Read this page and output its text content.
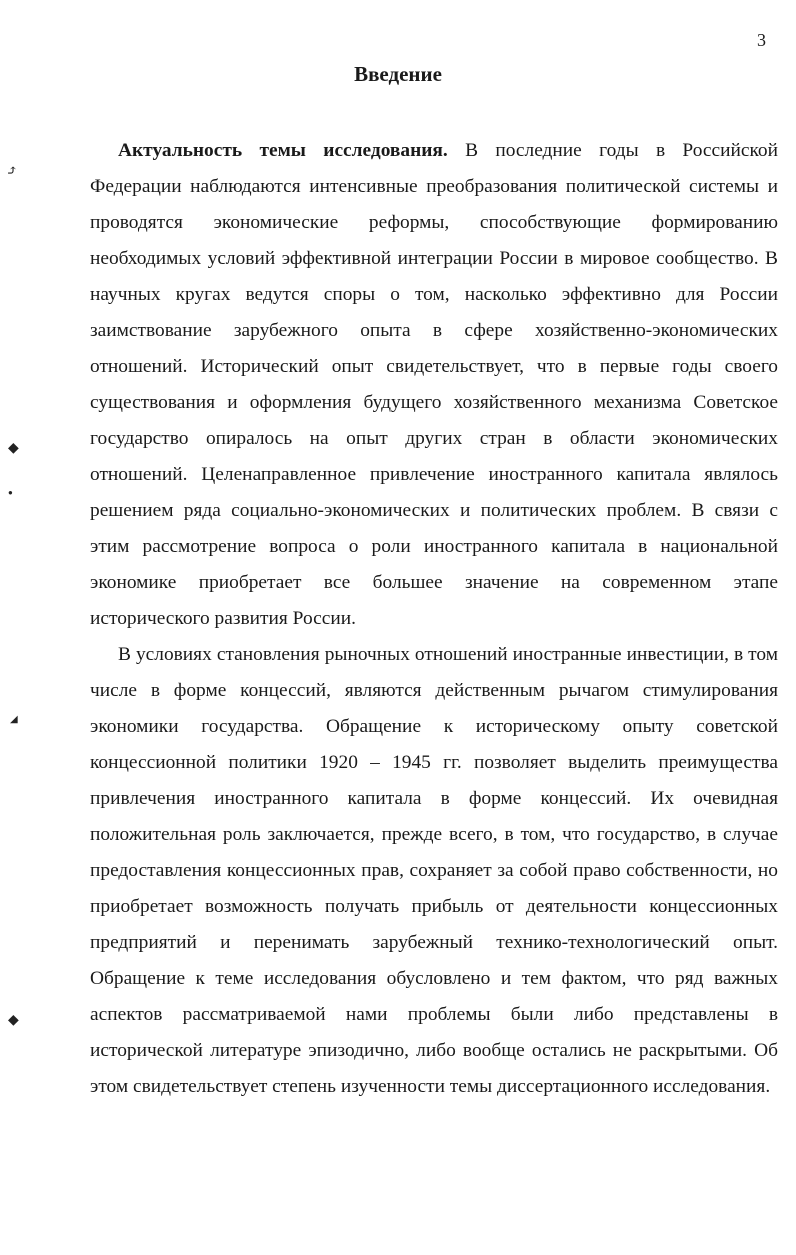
3
Введение

Актуальность темы исследования. В последние годы в Российской Федерации наблюдаются интенсивные преобразования политической системы и проводятся экономические реформы, способствующие формированию необходимых условий эффективной интеграции России в мировое сообщество. В научных кругах ведутся споры о том, насколько эффективно для России заимствование зарубежного опыта в сфере хозяйственно-экономических отношений. Исторический опыт свидетельствует, что в первые годы своего существования и оформления будущего хозяйственного механизма Советское государство опиралось на опыт других стран в области экономических отношений. Целенаправленное привлечение иностранного капитала являлось решением ряда социально-экономических и политических проблем. В связи с этим рассмотрение вопроса о роли иностранного капитала в национальной экономике приобретает все большее значение на современном этапе исторического развития России.

В условиях становления рыночных отношений иностранные инвестиции, в том числе в форме концессий, являются действенным рычагом стимулирования экономики государства. Обращение к историческому опыту советской концессионной политики 1920 – 1945 гг. позволяет выделить преимущества привлечения иностранного капитала в форме концессий. Их очевидная положительная роль заключается, прежде всего, в том, что государство, в случае предоставления концессионных прав, сохраняет за собой право собственности, но приобретает возможность получать прибыль от деятельности концессионных предприятий и перенимать зарубежный технико-технологический опыт. Обращение к теме исследования обусловлено и тем фактом, что ряд важных аспектов рассматриваемой нами проблемы были либо представлены в исторической литературе эпизодично, либо вообще остались не раскрытыми. Об этом свидетельствует степень изученности темы диссертационного исследования.

⤴
◆
●
◢
◆
